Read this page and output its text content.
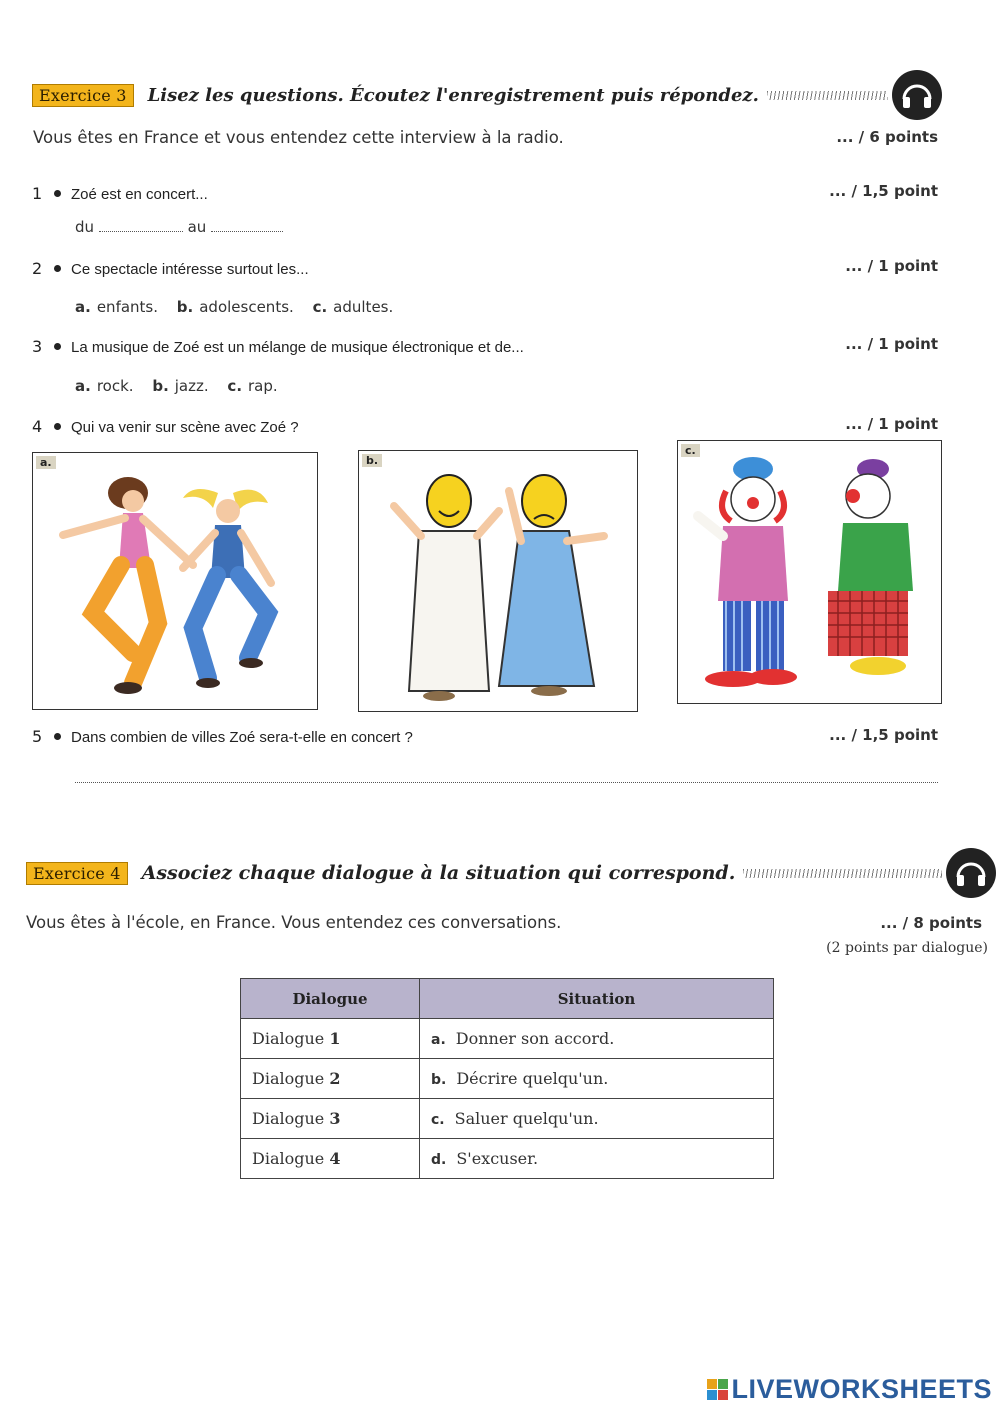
Exercice 3	Lisez les questions. Écoutez l'enregistrement puis répondez.
Vous êtes en France et vous entendez cette interview à la radio.	... / 6 points
1	Zoé est en concert...	... / 1,5 point
du	au
2	Ce spectacle intéresse surtout les...	... / 1 point
a. enfants. b. adolescents. c. adultes.
3	La musique de Zoé est un mélange de musique électronique et de...	... / 1 point
a. rock. b. jazz. c. rap.
4	Qui va venir sur scène avec Zoé ?	... / 1 point
a.	b.
c.
5	Dans combien de villes Zoé sera-t-elle en concert ?	... / 1,5 point
Exercice 4	Associez chaque dialogue à la situation qui correspond.
Vous êtes à l'école, en France. Vous entendez ces conversations.	... / 8 points
(2 points par dialogue)
Dialogue	Situation
Dialogue 1	a. Donner son accord.
Dialogue 2	b. Décrire quelqu'un.
Dialogue 3	c. Saluer quelqu'un.
Dialogue 4	d. S'excuser.
LIVEWORKSHEETS
